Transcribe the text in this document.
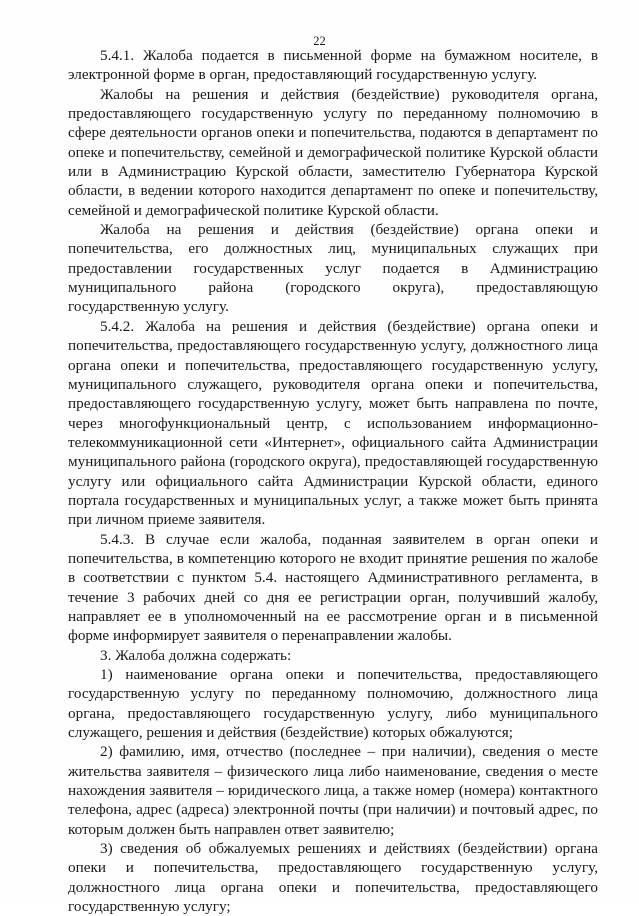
22

5.4.1. Жалоба подается в письменной форме на бумажном носителе, в электронной форме в орган, предоставляющий государственную услугу.

Жалобы на решения и действия (бездействие) руководителя органа, предоставляющего государственную услугу по переданному полномочию в сфере деятельности органов опеки и попечительства, подаются в департамент по опеке и попечительству, семейной и демографической политике Курской области или в Администрацию Курской области, заместителю Губернатора Курской области, в ведении которого находится департамент по опеке и попечительству, семейной и демографической политике Курской области.

Жалоба на решения и действия (бездействие) органа опеки и попечительства, его должностных лиц, муниципальных служащих при предоставлении государственных услуг подается в Администрацию муниципального района (городского округа), предоставляющую государственную услугу.

5.4.2. Жалоба на решения и действия (бездействие) органа опеки и попечительства, предоставляющего государственную услугу, должностного лица органа опеки и попечительства, предоставляющего государственную услугу, муниципального служащего, руководителя органа опеки и попечительства, предоставляющего государственную услугу, может быть направлена по почте, через многофункциональный центр, с использованием информационно-телекоммуникационной сети «Интернет», официального сайта Администрации муниципального района (городского округа), предоставляющей государственную услугу или официального сайта Администрации Курской области, единого портала государственных и муниципальных услуг, а также может быть принята при личном приеме заявителя.

5.4.3. В случае если жалоба, поданная заявителем в орган опеки и попечительства, в компетенцию которого не входит принятие решения по жалобе в соответствии с пунктом 5.4. настоящего Административного регламента, в течение 3 рабочих дней со дня ее регистрации орган, получивший жалобу, направляет ее в уполномоченный на ее рассмотрение орган и в письменной форме информирует заявителя о перенаправлении жалобы.

3. Жалоба должна содержать:

1) наименование органа опеки и попечительства, предоставляющего государственную услугу по переданному полномочию, должностного лица органа, предоставляющего государственную услугу, либо муниципального служащего, решения и действия (бездействие) которых обжалуются;

2) фамилию, имя, отчество (последнее – при наличии), сведения о месте жительства заявителя – физического лица либо наименование, сведения о месте нахождения заявителя – юридического лица, а также номер (номера) контактного телефона, адрес (адреса) электронной почты (при наличии) и почтовый адрес, по которым должен быть направлен ответ заявителю;

3) сведения об обжалуемых решениях и действиях (бездействии) органа опеки и попечительства, предоставляющего государственную услугу, должностного лица органа опеки и попечительства, предоставляющего государственную услугу;
